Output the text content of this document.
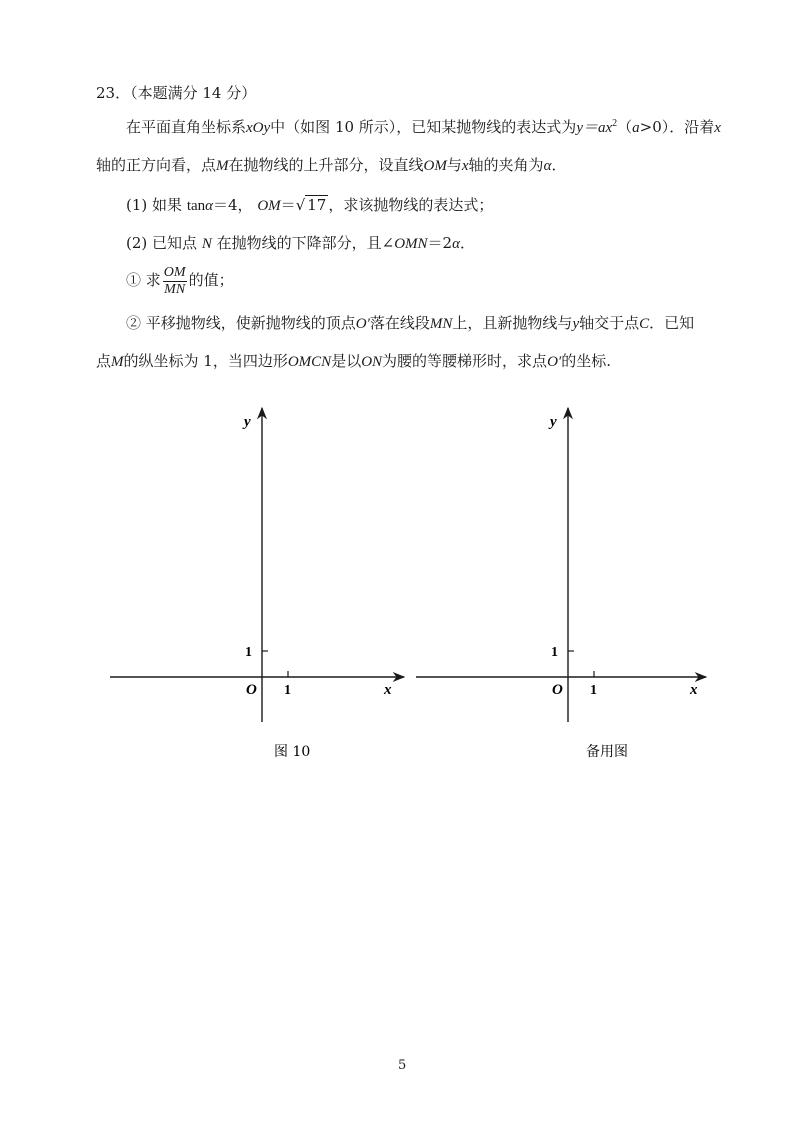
23．（本题满分 14 分）
在平面直角坐标系xOy中（如图 10 所示），已知某抛物线的表达式为$y=ax^2(a>0)$．沿着x
轴的正方向看，点M在抛物线的上升部分，设直线OM与x轴的夹角为α．
(1) 如果 tanα＝4， OM＝√ 17 ，求该抛物线的表达式；
(2) 已知点 N 在抛物线的下降部分，且∠OMN＝2α．
① 求 $\frac{OM}{MN}$ 的值；
② 平移抛物线，使新抛物线的顶点O′落在线段MN上，且新抛物线与y轴交于点C．已知
点M的纵坐标为 1，当四边形OMCN是以ON为腰的等腰梯形时，求点O′的坐标.
y
x
O 1
1
图 10
y
x
O 1
1
备用图
5
